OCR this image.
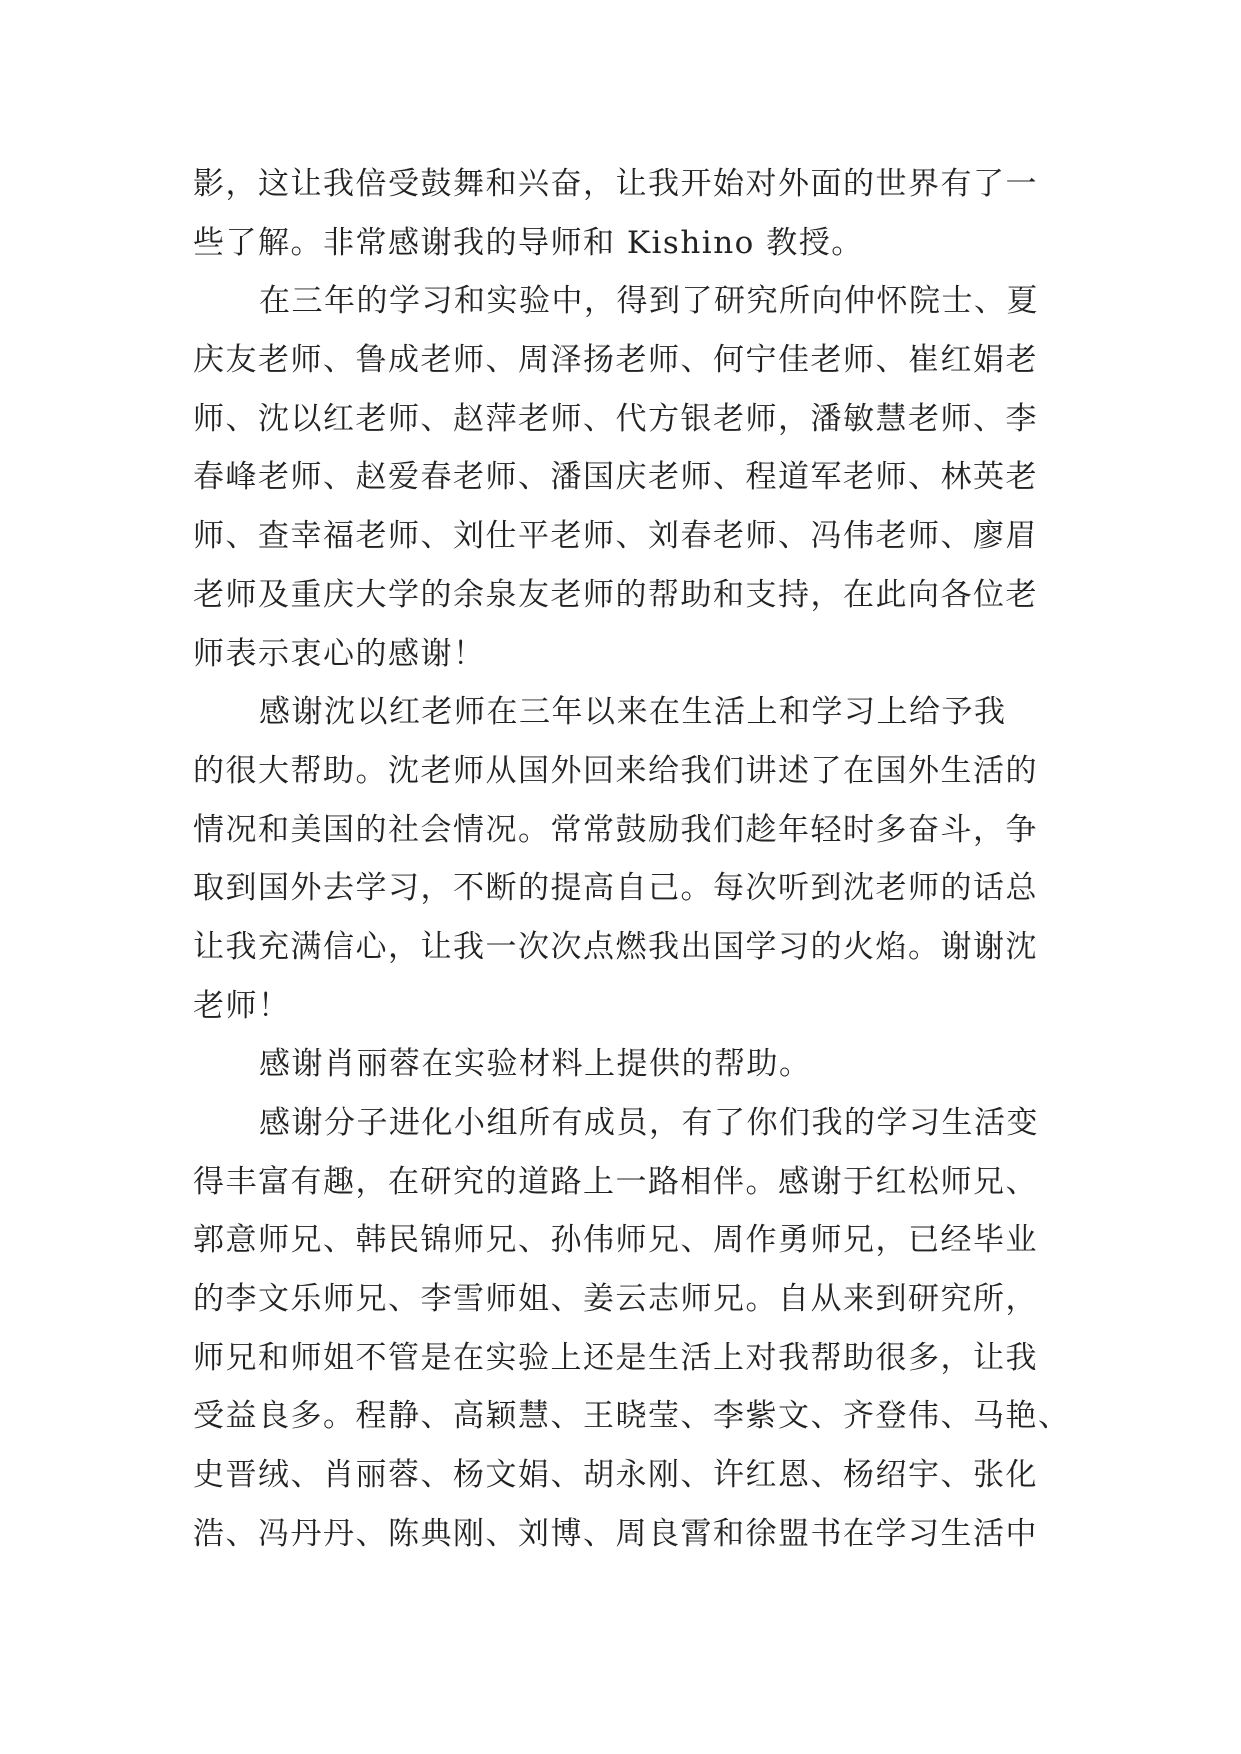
影，这让我倍受鼓舞和兴奋，让我开始对外面的世界有了一
些了解。非常感谢我的导师和 Kishino 教授。
在三年的学习和实验中，得到了研究所向仲怀院士、夏
庆友老师、鲁成老师、周泽扬老师、何宁佳老师、崔红娟老
师、沈以红老师、赵萍老师、代方银老师，潘敏慧老师、李
春峰老师、赵爱春老师、潘国庆老师、程道军老师、林英老
师、查幸福老师、刘仕平老师、刘春老师、冯伟老师、廖眉
老师及重庆大学的余泉友老师的帮助和支持，在此向各位老
师表示衷心的感谢！
感谢沈以红老师在三年以来在生活上和学习上给予我
的很大帮助。沈老师从国外回来给我们讲述了在国外生活的
情况和美国的社会情况。常常鼓励我们趁年轻时多奋斗，争
取到国外去学习，不断的提高自己。每次听到沈老师的话总
让我充满信心，让我一次次点燃我出国学习的火焰。谢谢沈
老师！
感谢肖丽蓉在实验材料上提供的帮助。
感谢分子进化小组所有成员，有了你们我的学习生活变
得丰富有趣，在研究的道路上一路相伴。感谢于红松师兄、
郭意师兄、韩民锦师兄、孙伟师兄、周作勇师兄，已经毕业
的李文乐师兄、李雪师姐、姜云志师兄。自从来到研究所，
师兄和师姐不管是在实验上还是生活上对我帮助很多，让我
受益良多。程静、高颖慧、王晓莹、李紫文、齐登伟、马艳、
史晋绒、肖丽蓉、杨文娟、胡永刚、许红恩、杨绍宇、张化
浩、冯丹丹、陈典刚、刘博、周良霄和徐盟书在学习生活中
